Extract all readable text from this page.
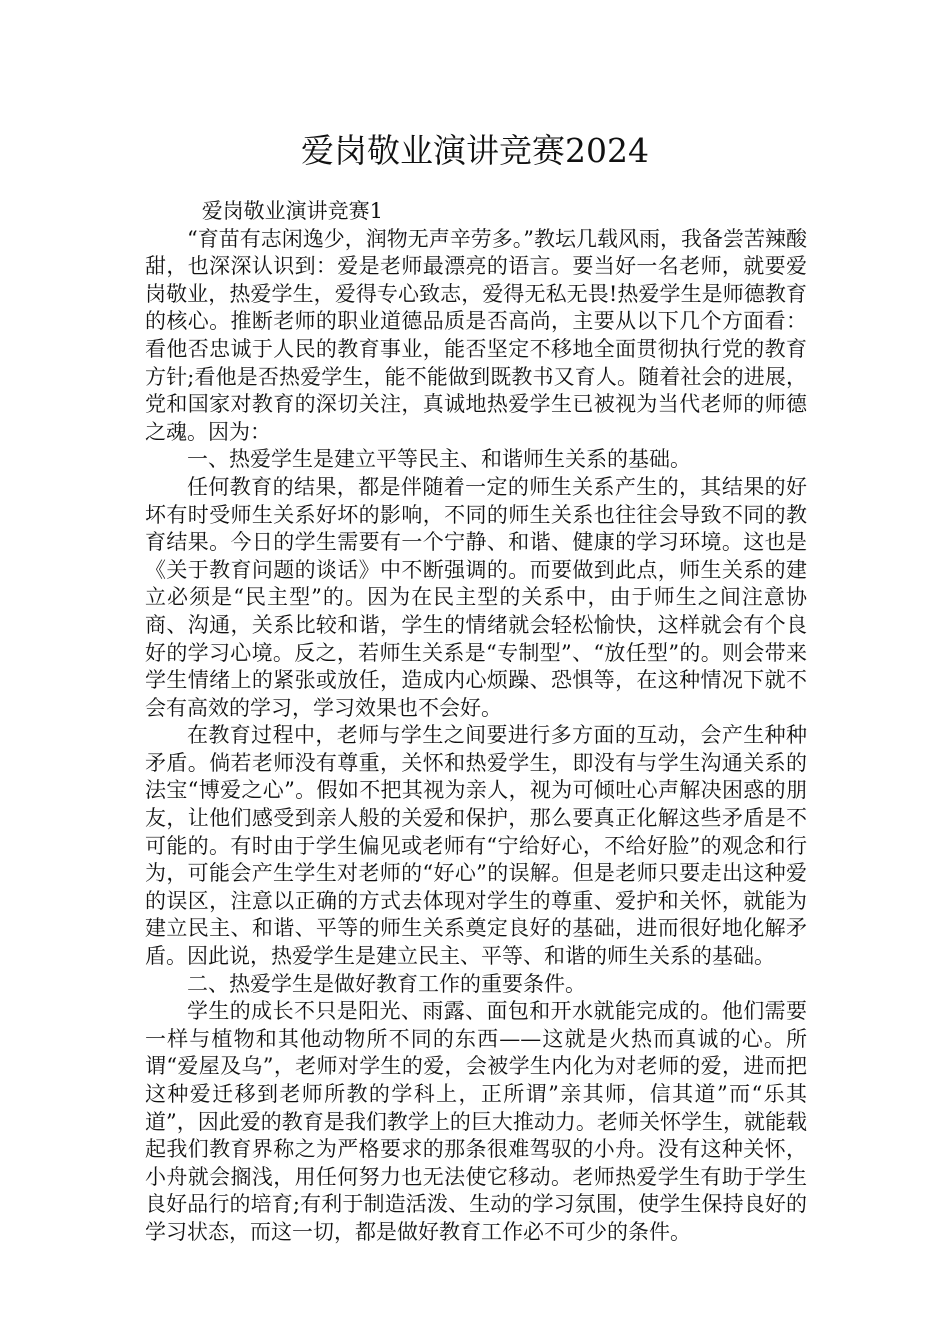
爱岗敬业演讲竞赛2024

爱岗敬业演讲竞赛1

“育苗有志闲逸少，润物无声辛劳多。”教坛几载风雨，我备尝苦辣酸甜，也深深认识到：爱是老师最漂亮的语言。要当好一名老师，就要爱岗敬业，热爱学生，爱得专心致志，爱得无私无畏!热爱学生是师德教育的核心。推断老师的职业道德品质是否高尚，主要从以下几个方面看：看他否忠诚于人民的教育事业，能否坚定不移地全面贯彻执行党的教育方针;看他是否热爱学生，能不能做到既教书又育人。随着社会的进展，党和国家对教育的深切关注，真诚地热爱学生已被视为当代老师的师德之魂。因为：

一、热爱学生是建立平等民主、和谐师生关系的基础。

任何教育的结果，都是伴随着一定的师生关系产生的，其结果的好坏有时受师生关系好坏的影响，不同的师生关系也往往会导致不同的教育结果。今日的学生需要有一个宁静、和谐、健康的学习环境。这也是《关于教育问题的谈话》中不断强调的。而要做到此点，师生关系的建立必须是“民主型”的。因为在民主型的关系中，由于师生之间注意协商、沟通，关系比较和谐，学生的情绪就会轻松愉快，这样就会有个良好的学习心境。反之，若师生关系是“专制型”、“放任型”的。则会带来学生情绪上的紧张或放任，造成内心烦躁、恐惧等，在这种情况下就不会有高效的学习，学习效果也不会好。

在教育过程中，老师与学生之间要进行多方面的互动，会产生种种矛盾。倘若老师没有尊重，关怀和热爱学生，即没有与学生沟通关系的法宝“博爱之心”。假如不把其视为亲人，视为可倾吐心声解决困惑的朋友，让他们感受到亲人般的关爱和保护，那么要真正化解这些矛盾是不可能的。有时由于学生偏见或老师有“宁给好心，不给好脸”的观念和行为，可能会产生学生对老师的“好心”的误解。但是老师只要走出这种爱的误区，注意以正确的方式去体现对学生的尊重、爱护和关怀，就能为建立民主、和谐、平等的师生关系奠定良好的基础，进而很好地化解矛盾。因此说，热爱学生是建立民主、平等、和谐的师生关系的基础。

二、热爱学生是做好教育工作的重要条件。

学生的成长不只是阳光、雨露、面包和开水就能完成的。他们需要一样与植物和其他动物所不同的东西——这就是火热而真诚的心。所谓“爱屋及乌”，老师对学生的爱，会被学生内化为对老师的爱，进而把这种爱迁移到老师所教的学科上，正所谓”亲其师，信其道”而“乐其道”，因此爱的教育是我们教学上的巨大推动力。老师关怀学生，就能载起我们教育界称之为严格要求的那条很难驾驭的小舟。没有这种关怀，小舟就会搁浅，用任何努力也无法使它移动。老师热爱学生有助于学生良好品行的培育;有利于制造活泼、生动的学习氛围，使学生保持良好的学习状态，而这一切，都是做好教育工作必不可少的条件。
